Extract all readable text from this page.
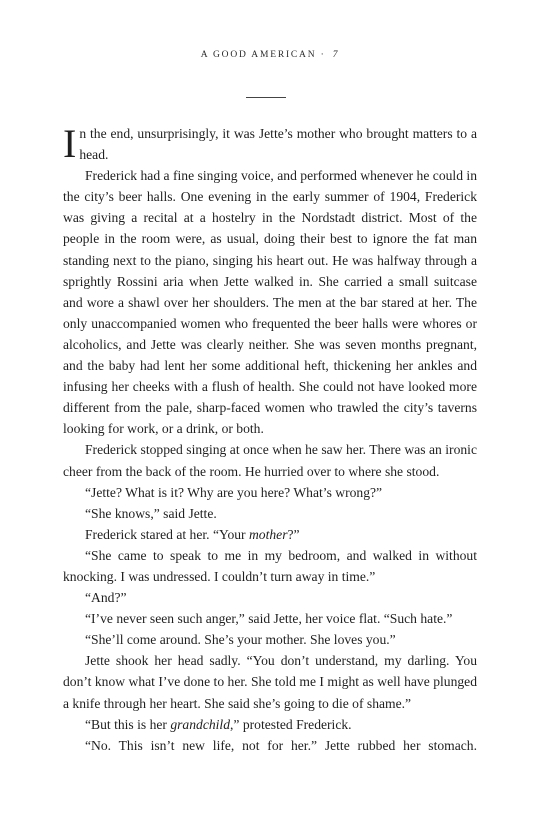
A GOOD AMERICAN · 7

In the end, unsurprisingly, it was Jette’s mother who brought matters to a head.

Frederick had a fine singing voice, and performed whenever he could in the city’s beer halls. One evening in the early summer of 1904, Frederick was giving a recital at a hostelry in the Nordstadt district. Most of the people in the room were, as usual, doing their best to ignore the fat man standing next to the piano, singing his heart out. He was halfway through a sprightly Rossini aria when Jette walked in. She carried a small suitcase and wore a shawl over her shoulders. The men at the bar stared at her. The only unaccompanied women who frequented the beer halls were whores or alcoholics, and Jette was clearly neither. She was seven months pregnant, and the baby had lent her some additional heft, thickening her ankles and infusing her cheeks with a flush of health. She could not have looked more different from the pale, sharp-faced women who trawled the city’s taverns looking for work, or a drink, or both.

Frederick stopped singing at once when he saw her. There was an ironic cheer from the back of the room. He hurried over to where she stood.

“Jette? What is it? Why are you here? What’s wrong?”

“She knows,” said Jette.

Frederick stared at her. “Your mother?”

“She came to speak to me in my bedroom, and walked in without knocking. I was undressed. I couldn’t turn away in time.”

“And?”

“I’ve never seen such anger,” said Jette, her voice flat. “Such hate.”

“She’ll come around. She’s your mother. She loves you.”

Jette shook her head sadly. “You don’t understand, my darling. You don’t know what I’ve done to her. She told me I might as well have plunged a knife through her heart. She said she’s going to die of shame.”

“But this is her grandchild,” protested Frederick.

“No. This isn’t new life, not for her.” Jette rubbed her stomach.
